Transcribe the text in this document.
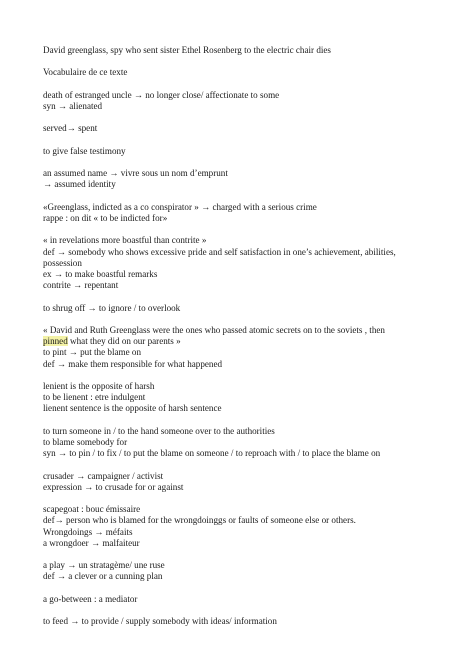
David greenglass, spy who sent sister Ethel Rosenberg to the electric chair dies
Vocabulaire de ce texte
death of estranged uncle → no longer close/ affectionate to some
syn → alienated
served→ spent
to give false testimony
an assumed name → vivre sous un nom d’emprunt
→ assumed identity
«Greenglass, indicted as a co conspirator » → charged with a serious crime
rappe : on dit « to be indicted for»
« in revelations more boastful than contrite »
def → somebody who shows excessive pride and self satisfaction in one’s achievement, abilities,
possession
ex → to make boastful remarks
contrite → repentant
to shrug off → to ignore / to overlook
« David and Ruth Greenglass were the ones who passed atomic secrets on to the soviets , then
pinned what they did on our parents »
to pint → put the blame on
def → make them responsible for what happened
lenient is the opposite of harsh
to be lienent : etre indulgent
lienent sentence is the opposite of harsh sentence
to turn someone in / to the hand someone over to the authorities
to blame somebody for
syn → to pin / to fix / to put the blame on someone / to reproach with / to place the blame on
crusader → campaigner / activist
expression → to crusade for or against
scapegoat : bouc émissaire
def→ person who is blamed for the wrongdoinggs or faults of someone else or others.
Wrongdoings → méfaits
a wrongdoer → malfaiteur
a play → un stratagème/ une ruse
def → a clever or a cunning plan
a go-between : a mediator
to feed → to provide / supply somebody with ideas/ information
